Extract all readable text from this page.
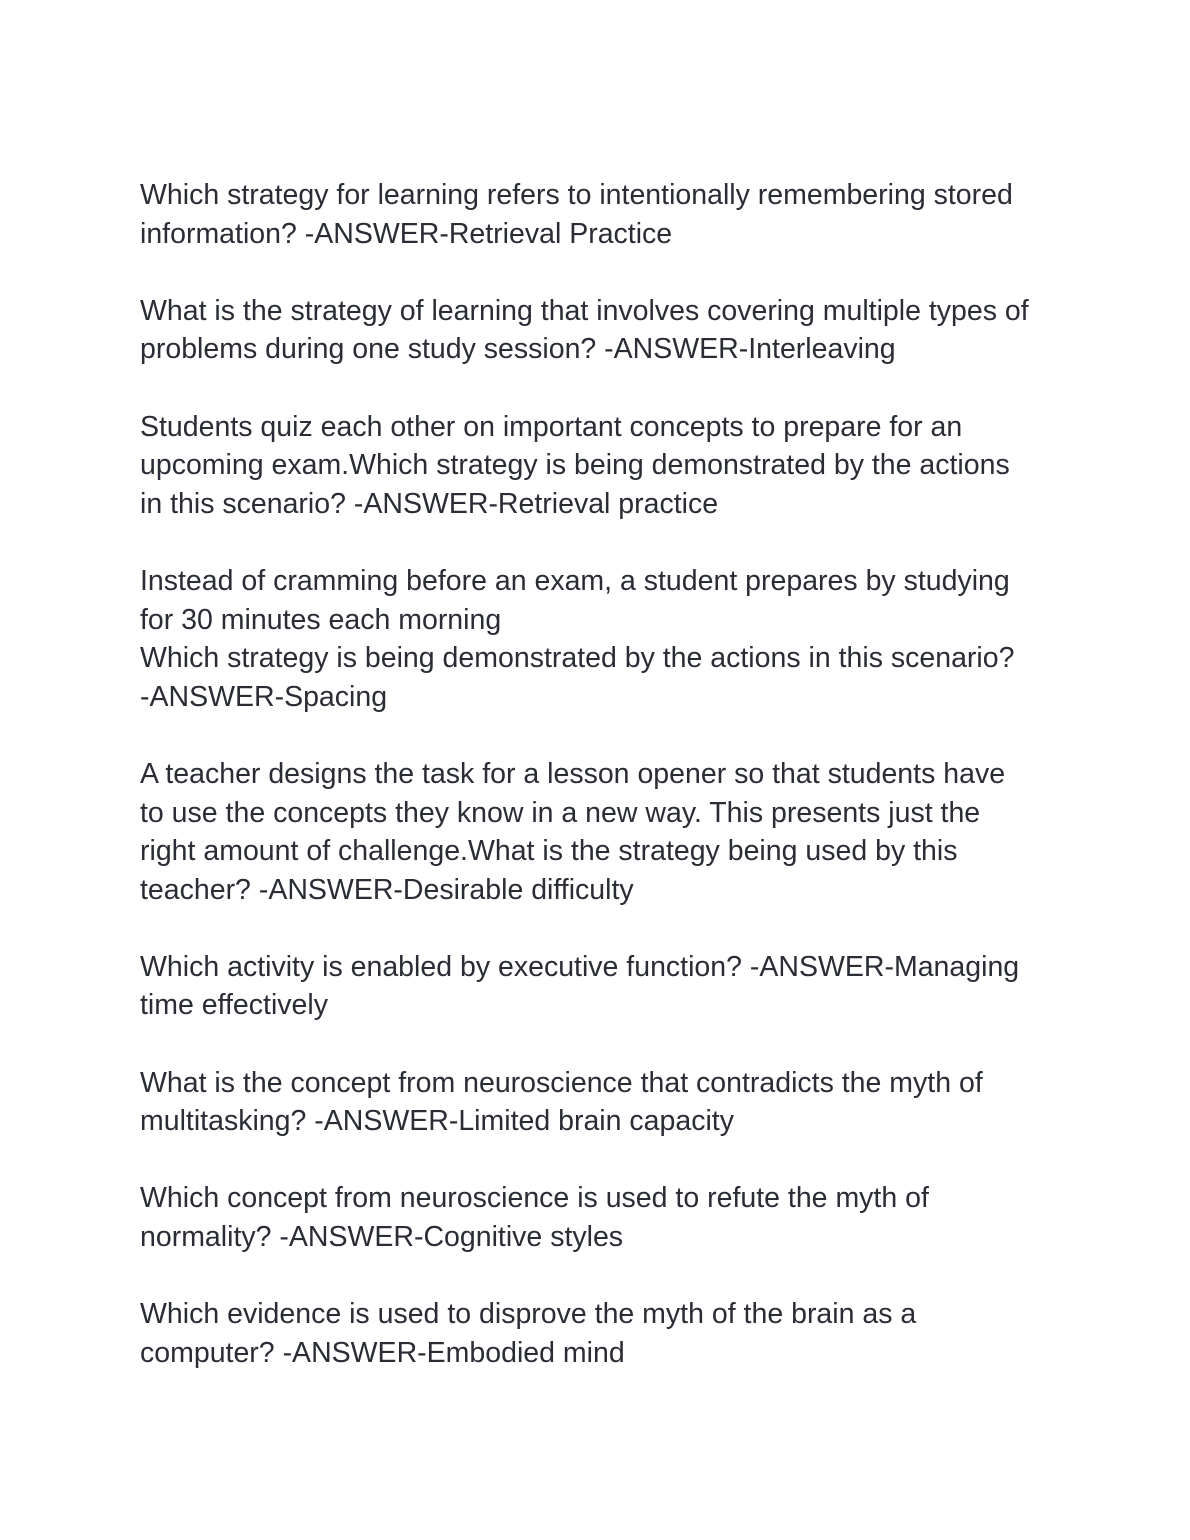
Which strategy for learning refers to intentionally remembering stored
information? -ANSWER-Retrieval Practice
What is the strategy of learning that involves covering multiple types of
problems during one study session? -ANSWER-Interleaving
Students quiz each other on important concepts to prepare for an
upcoming exam.Which strategy is being demonstrated by the actions
in this scenario? -ANSWER-Retrieval practice
Instead of cramming before an exam, a student prepares by studying
for 30 minutes each morning
Which strategy is being demonstrated by the actions in this scenario?
-ANSWER-Spacing
A teacher designs the task for a lesson opener so that students have
to use the concepts they know in a new way. This presents just the
right amount of challenge.What is the strategy being used by this
teacher? -ANSWER-Desirable difficulty
Which activity is enabled by executive function? -ANSWER-Managing
time effectively
What is the concept from neuroscience that contradicts the myth of
multitasking? -ANSWER-Limited brain capacity
Which concept from neuroscience is used to refute the myth of
normality? -ANSWER-Cognitive styles
Which evidence is used to disprove the myth of the brain as a
computer? -ANSWER-Embodied mind
